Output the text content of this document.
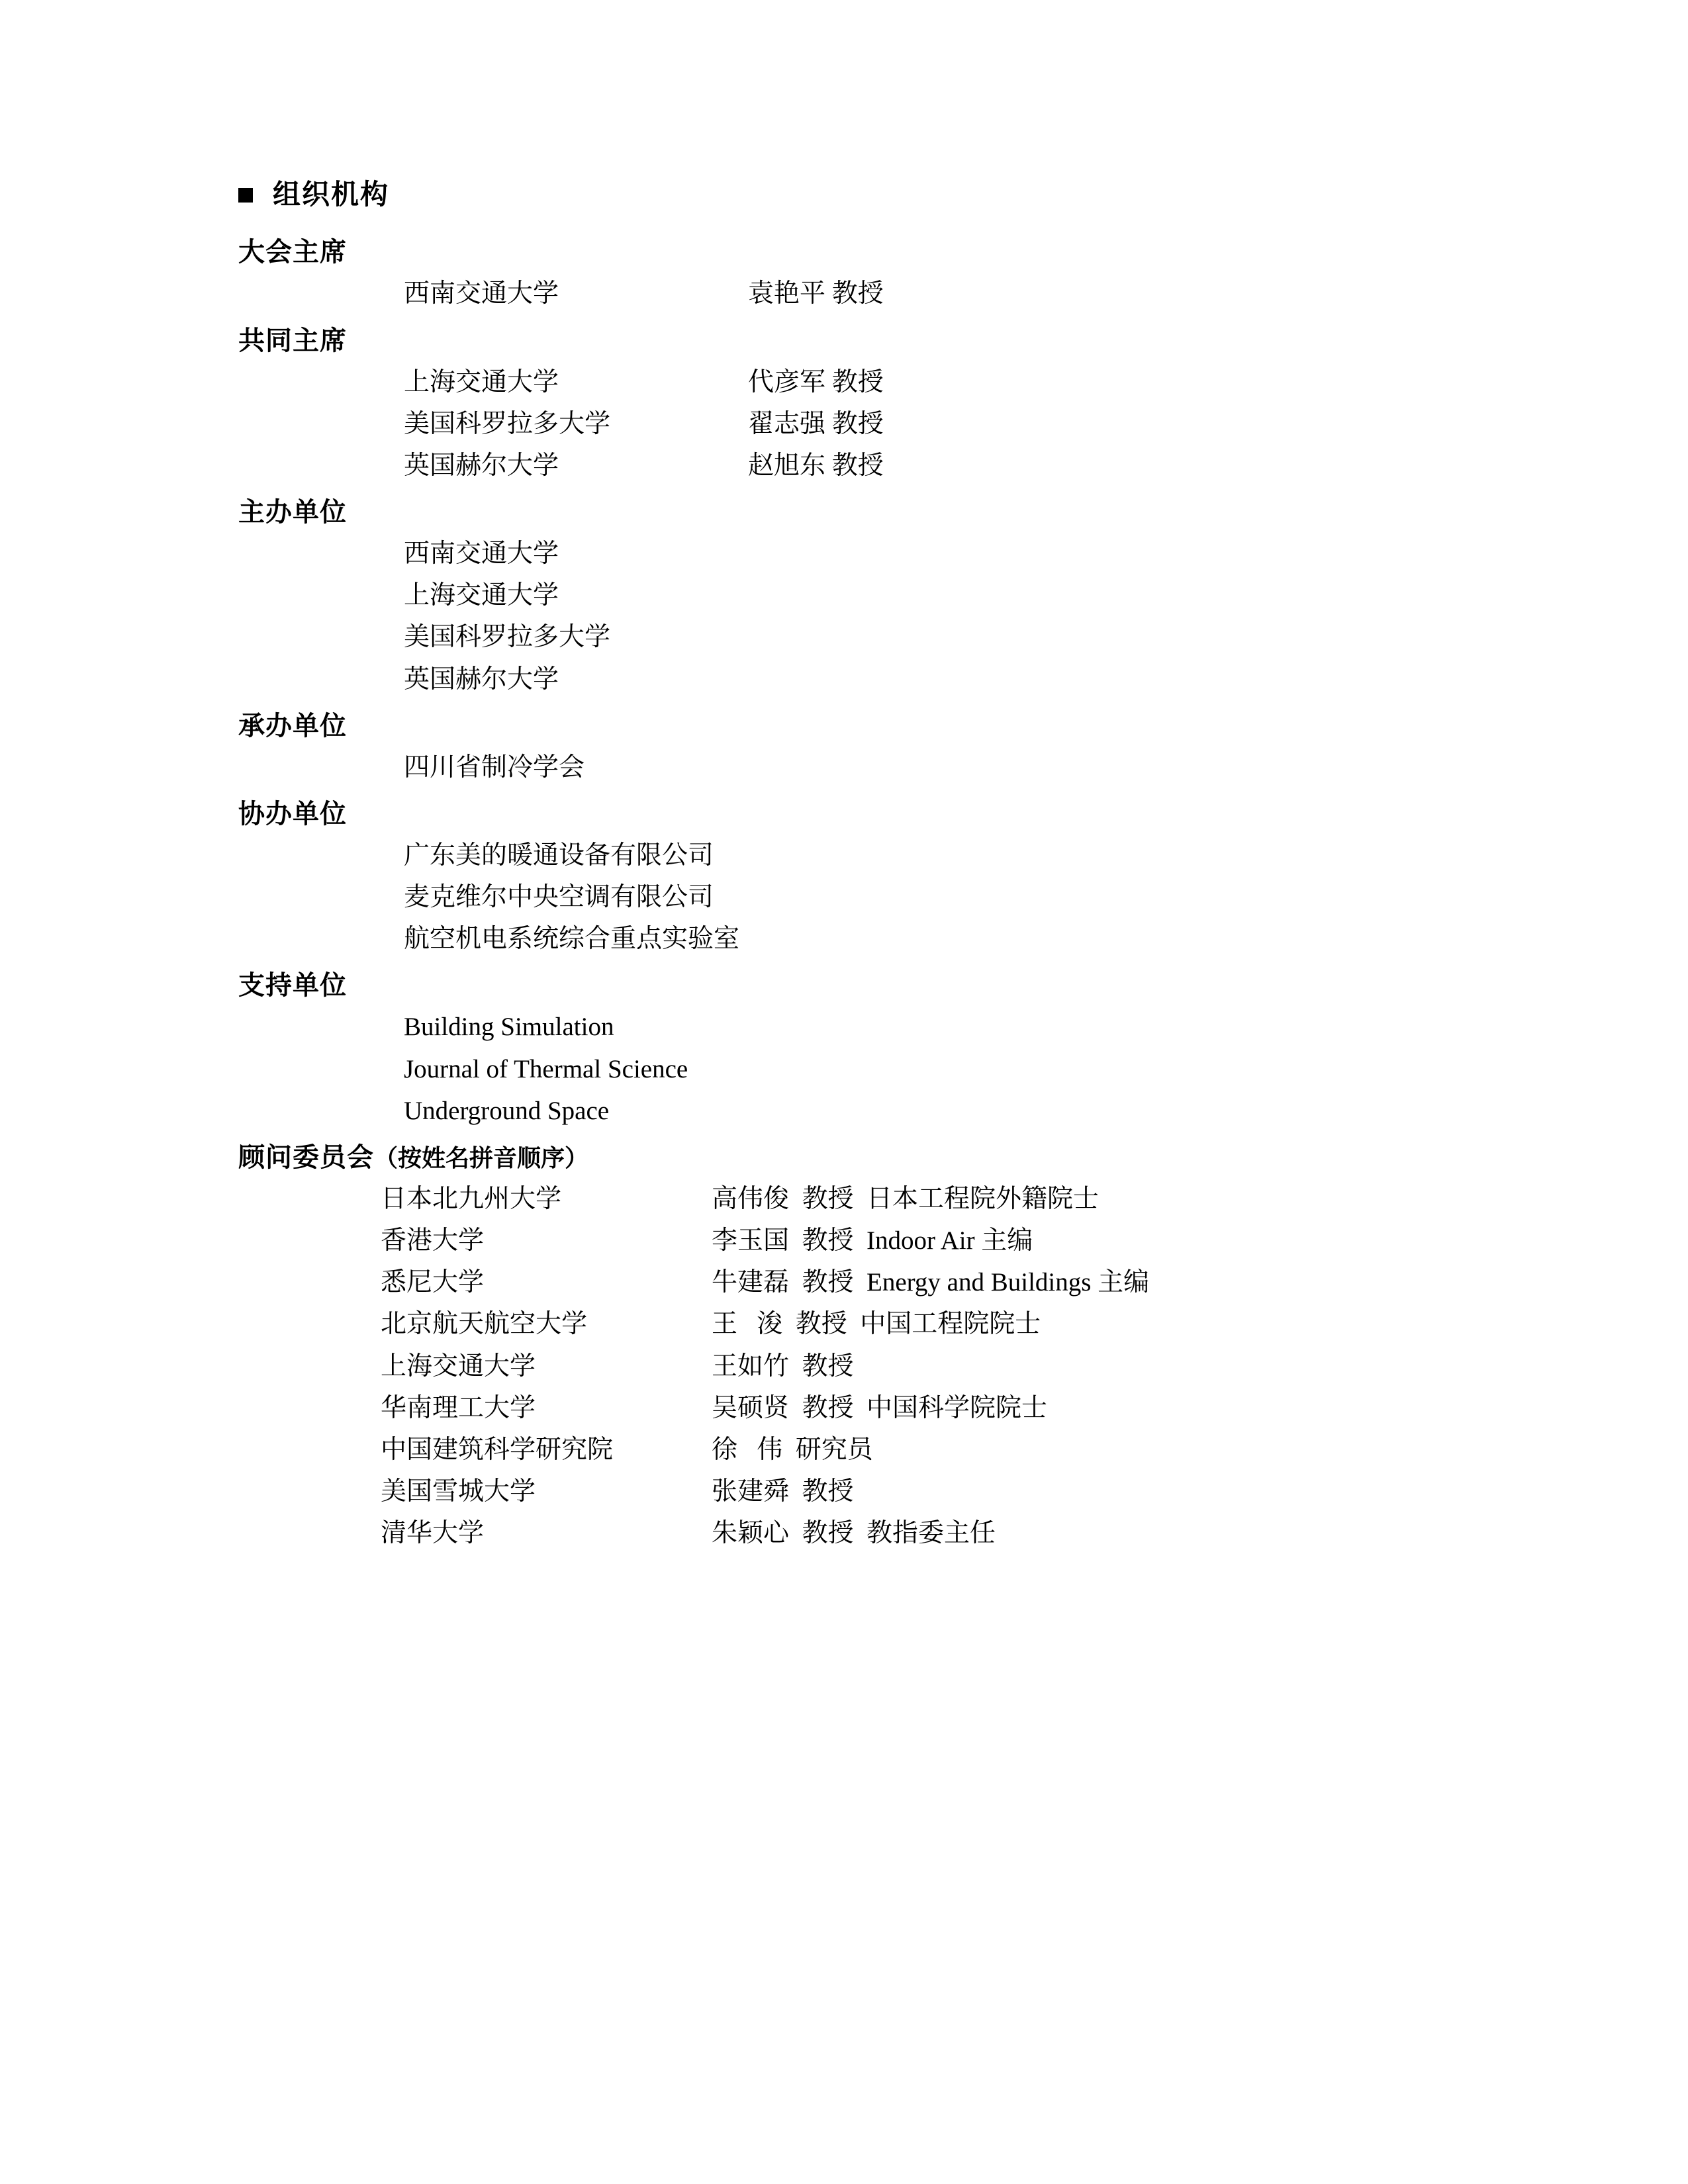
组织机构
大会主席
西南交通大学	袁艳平 教授
共同主席
上海交通大学	代彦军 教授
美国科罗拉多大学	翟志强 教授
英国赫尔大学	赵旭东 教授
主办单位
西南交通大学
上海交通大学
美国科罗拉多大学
英国赫尔大学
承办单位
四川省制冷学会
协办单位
广东美的暖通设备有限公司
麦克维尔中央空调有限公司
航空机电系统综合重点实验室
支持单位
Building Simulation
Journal of Thermal Science
Underground Space
顾问委员会（按姓名拼音顺序）
日本北九州大学	高伟俊  教授  日本工程院外籍院士
香港大学	李玉国  教授  Indoor Air 主编
悉尼大学	牛建磊  教授  Energy and Buildings 主编
北京航天航空大学	王   浚  教授  中国工程院院士
上海交通大学	王如竹  教授
华南理工大学	吴硕贤  教授  中国科学院院士
中国建筑科学研究院	徐   伟  研究员
美国雪城大学	张建舜  教授
清华大学	朱颖心  教授  教指委主任
